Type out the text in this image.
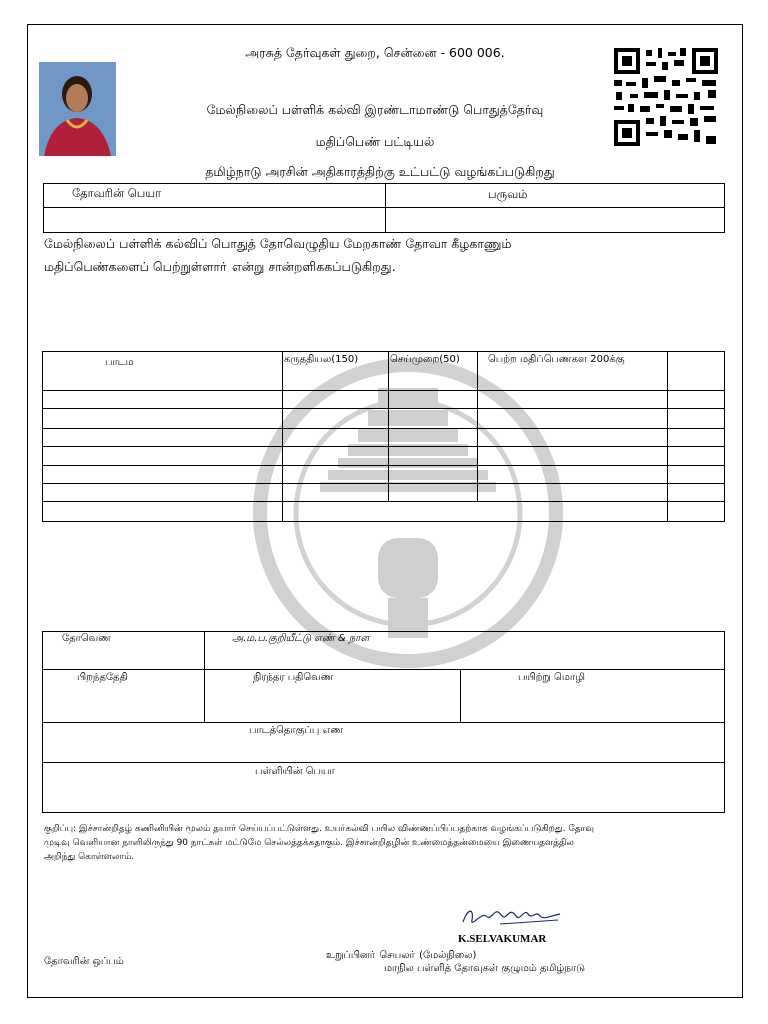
அரசுத் தேர்வுகள் துறை, சென்னை - 600 006.
மேல்நிலைப் பள்ளிக் கல்வி இரண்டாமாண்டு பொதுத்தேர்வு
மதிப்பெண் பட்டியல்
தமிழ்நாடு அரசின் அதிகாரத்திற்கு உட்பட்டு வழங்கப்படுகிறது
தோவரின் பெயா	பருவம்
மேல்நிலைப் பள்ளிக் கல்விப் பொதுத் தோவெழுதிய மேறகாண் தோவா கீழகாணும்
மதிப்பெண்களைப் பெற்றுள்ளாா் என்று சான்றளிககப்படுகிறது.
பாடம	கருததியல(150)	செய்முறை(50)	பெற்ற மதிப்பெணகள 200க்கு
தோவெண	அ.ம.ப.குறியீட்டு எண் & நாள
பிறந்ததேதி	நிரந்தர பதிவெண	பயிற்று மொழி
பாடத்தொகுப்பு எண
பள்ளியின் பெயா
குறிப்பு: இச்சான்றிதழ் கணினியின் மூலம் தயார் செய்யப்பட்டுள்ளது. உயர்கல்வி பயில விண்ணப்பிப்பதற்காக வழங்கப்படுகிறது. தோவு
முடிவு வெளியான நாளிலிருந்து 90 நாட்கள் மட்டுமே செல்லத்தக்கதாகும். இச்சான்றிதழின் உண்மைத்தன்மையை இணையதளத்தில
அறிந்து கொள்ளலாம்.
K.SELVAKUMAR
தோவரின் ஒப்பம்
உறுப்பினா் செயலா் (மேல்நிலை)
மாநில பள்ளித் தோவுகள் குழுமம் தமிழ்நாடு
